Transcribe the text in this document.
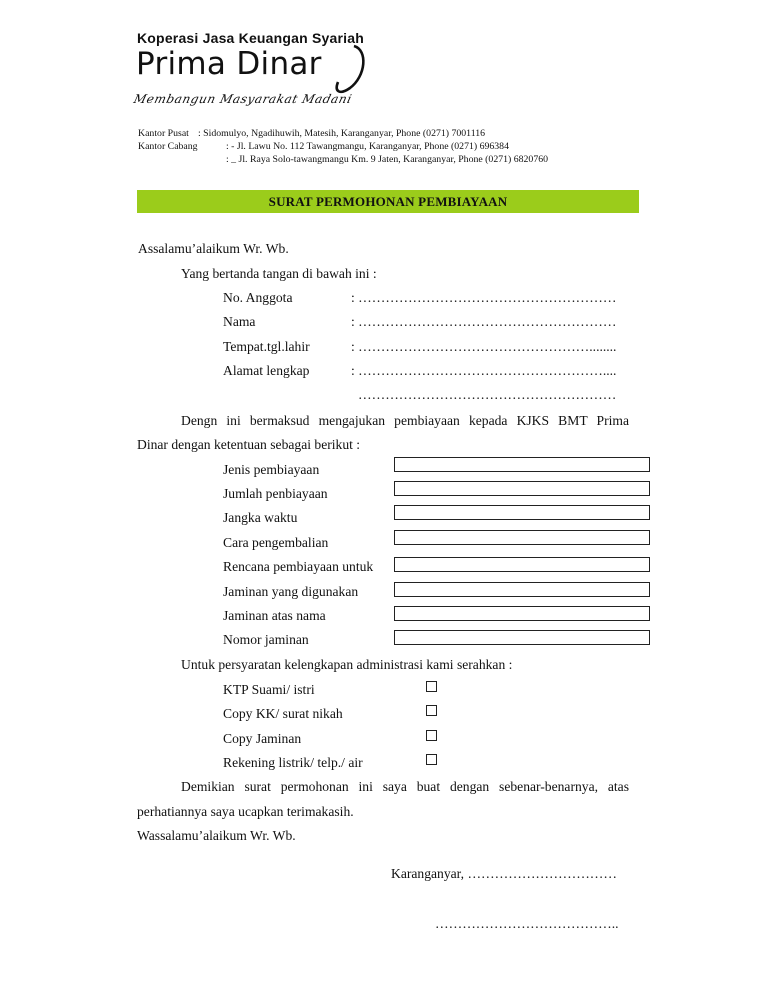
Koperasi Jasa Keuangan Syariah
Prima Dinar
Membangun Masyarakat Madani
Kantor Pusat : Sidomulyo, Ngadihuwih, Matesih, Karanganyar, Phone (0271) 7001116
Kantor Cabang	: - Jl. Lawu No. 112 Tawangmangu, Karanganyar, Phone (0271) 696384
: _ Jl. Raya Solo-tawangmangu Km. 9 Jaten, Karanganyar, Phone (0271) 6820760
SURAT PERMOHONAN PEMBIAYAAN
Assalamu’alaikum Wr. Wb.
Yang bertanda tangan di bawah ini :
No. Anggota	: …………………………………………………
Nama	: …………………………………………………
Tempat.tgl.lahir	: ……………………………………………........
Alamat lengkap	: ………………………………………………....
…………………………………………………
Dengn ini bermaksud mengajukan pembiayaan kepada KJKS BMT Prima
Dinar dengan ketentuan sebagai berikut :
Jenis pembiayaan
Jumlah penbiayaan
Jangka waktu
Cara pengembalian
Rencana pembiayaan untuk
Jaminan yang digunakan
Jaminan atas nama
Nomor jaminan
Untuk persyaratan kelengkapan administrasi kami serahkan :
KTP Suami/ istri
Copy KK/ surat nikah
Copy Jaminan
Rekening listrik/ telp./ air
Demikian surat permohonan ini saya buat dengan sebenar-benarnya, atas
perhatiannya saya ucapkan terimakasih.
Wassalamu’alaikum Wr. Wb.
Karanganyar, ……………………………
…………………………………..
